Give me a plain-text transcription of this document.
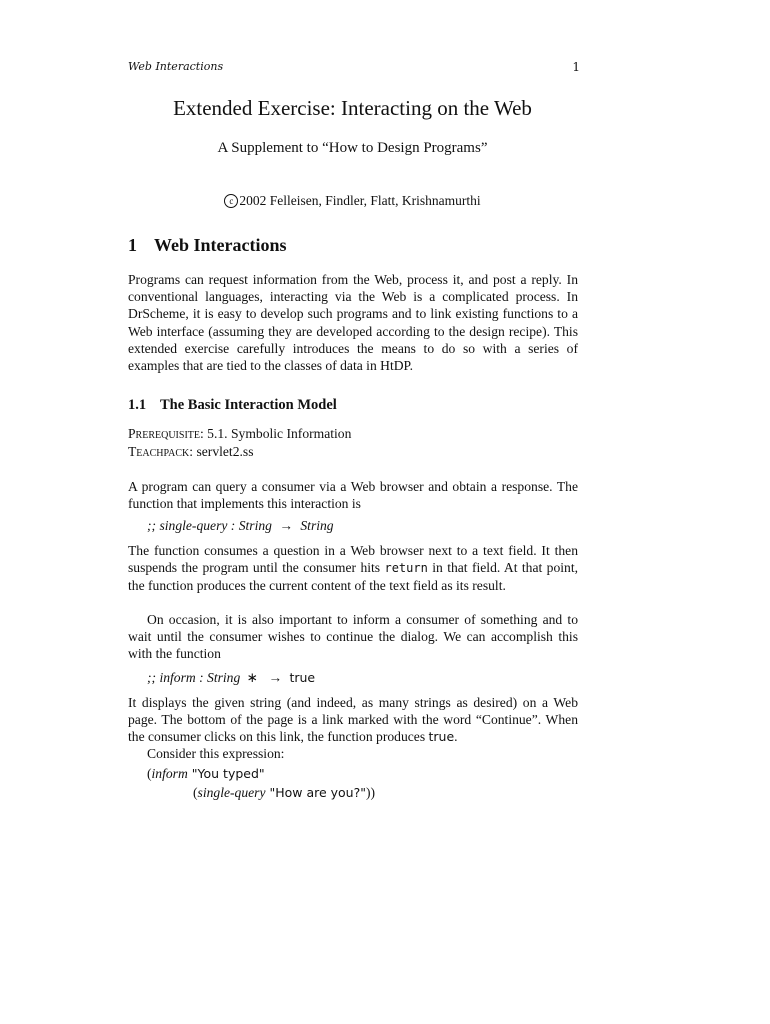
Web Interactions	1
Extended Exercise: Interacting on the Web
A Supplement to “How to Design Programs”
c 2002 Felleisen, Findler, Flatt, Krishnamurthi
1 Web Interactions

Programs can request information from the Web, process it, and post a reply. In conventional languages, interacting via the Web is a complicated process. In DrScheme, it is easy to develop such programs and to link existing functions to a Web interface (assuming they are developed according to the design recipe). This extended exercise carefully introduces the means to do so with a series of examples that are tied to the classes of data in HtDP.

1.1 The Basic Interaction Model
Prerequisite: 5.1. Symbolic Information
Teachpack: servlet2.ss

A program can query a consumer via a Web browser and obtain a response. The function that implements this interaction is

;; single-query : String → String

The function consumes a question in a Web browser next to a text field. It then suspends the program until the consumer hits return in that field. At that point, the function produces the current content of the text field as its result.

On occasion, it is also important to inform a consumer of something and to wait until the consumer wishes to continue the dialog. We can accomplish this with the function

;; inform : String ∗ → true

It displays the given string (and indeed, as many strings as desired) on a Web page. The bottom of the page is a link marked with the word “Continue”. When the consumer clicks on this link, the function produces true.

Consider this expression:
(inform "You typed"
(single-query "How are you?"))
